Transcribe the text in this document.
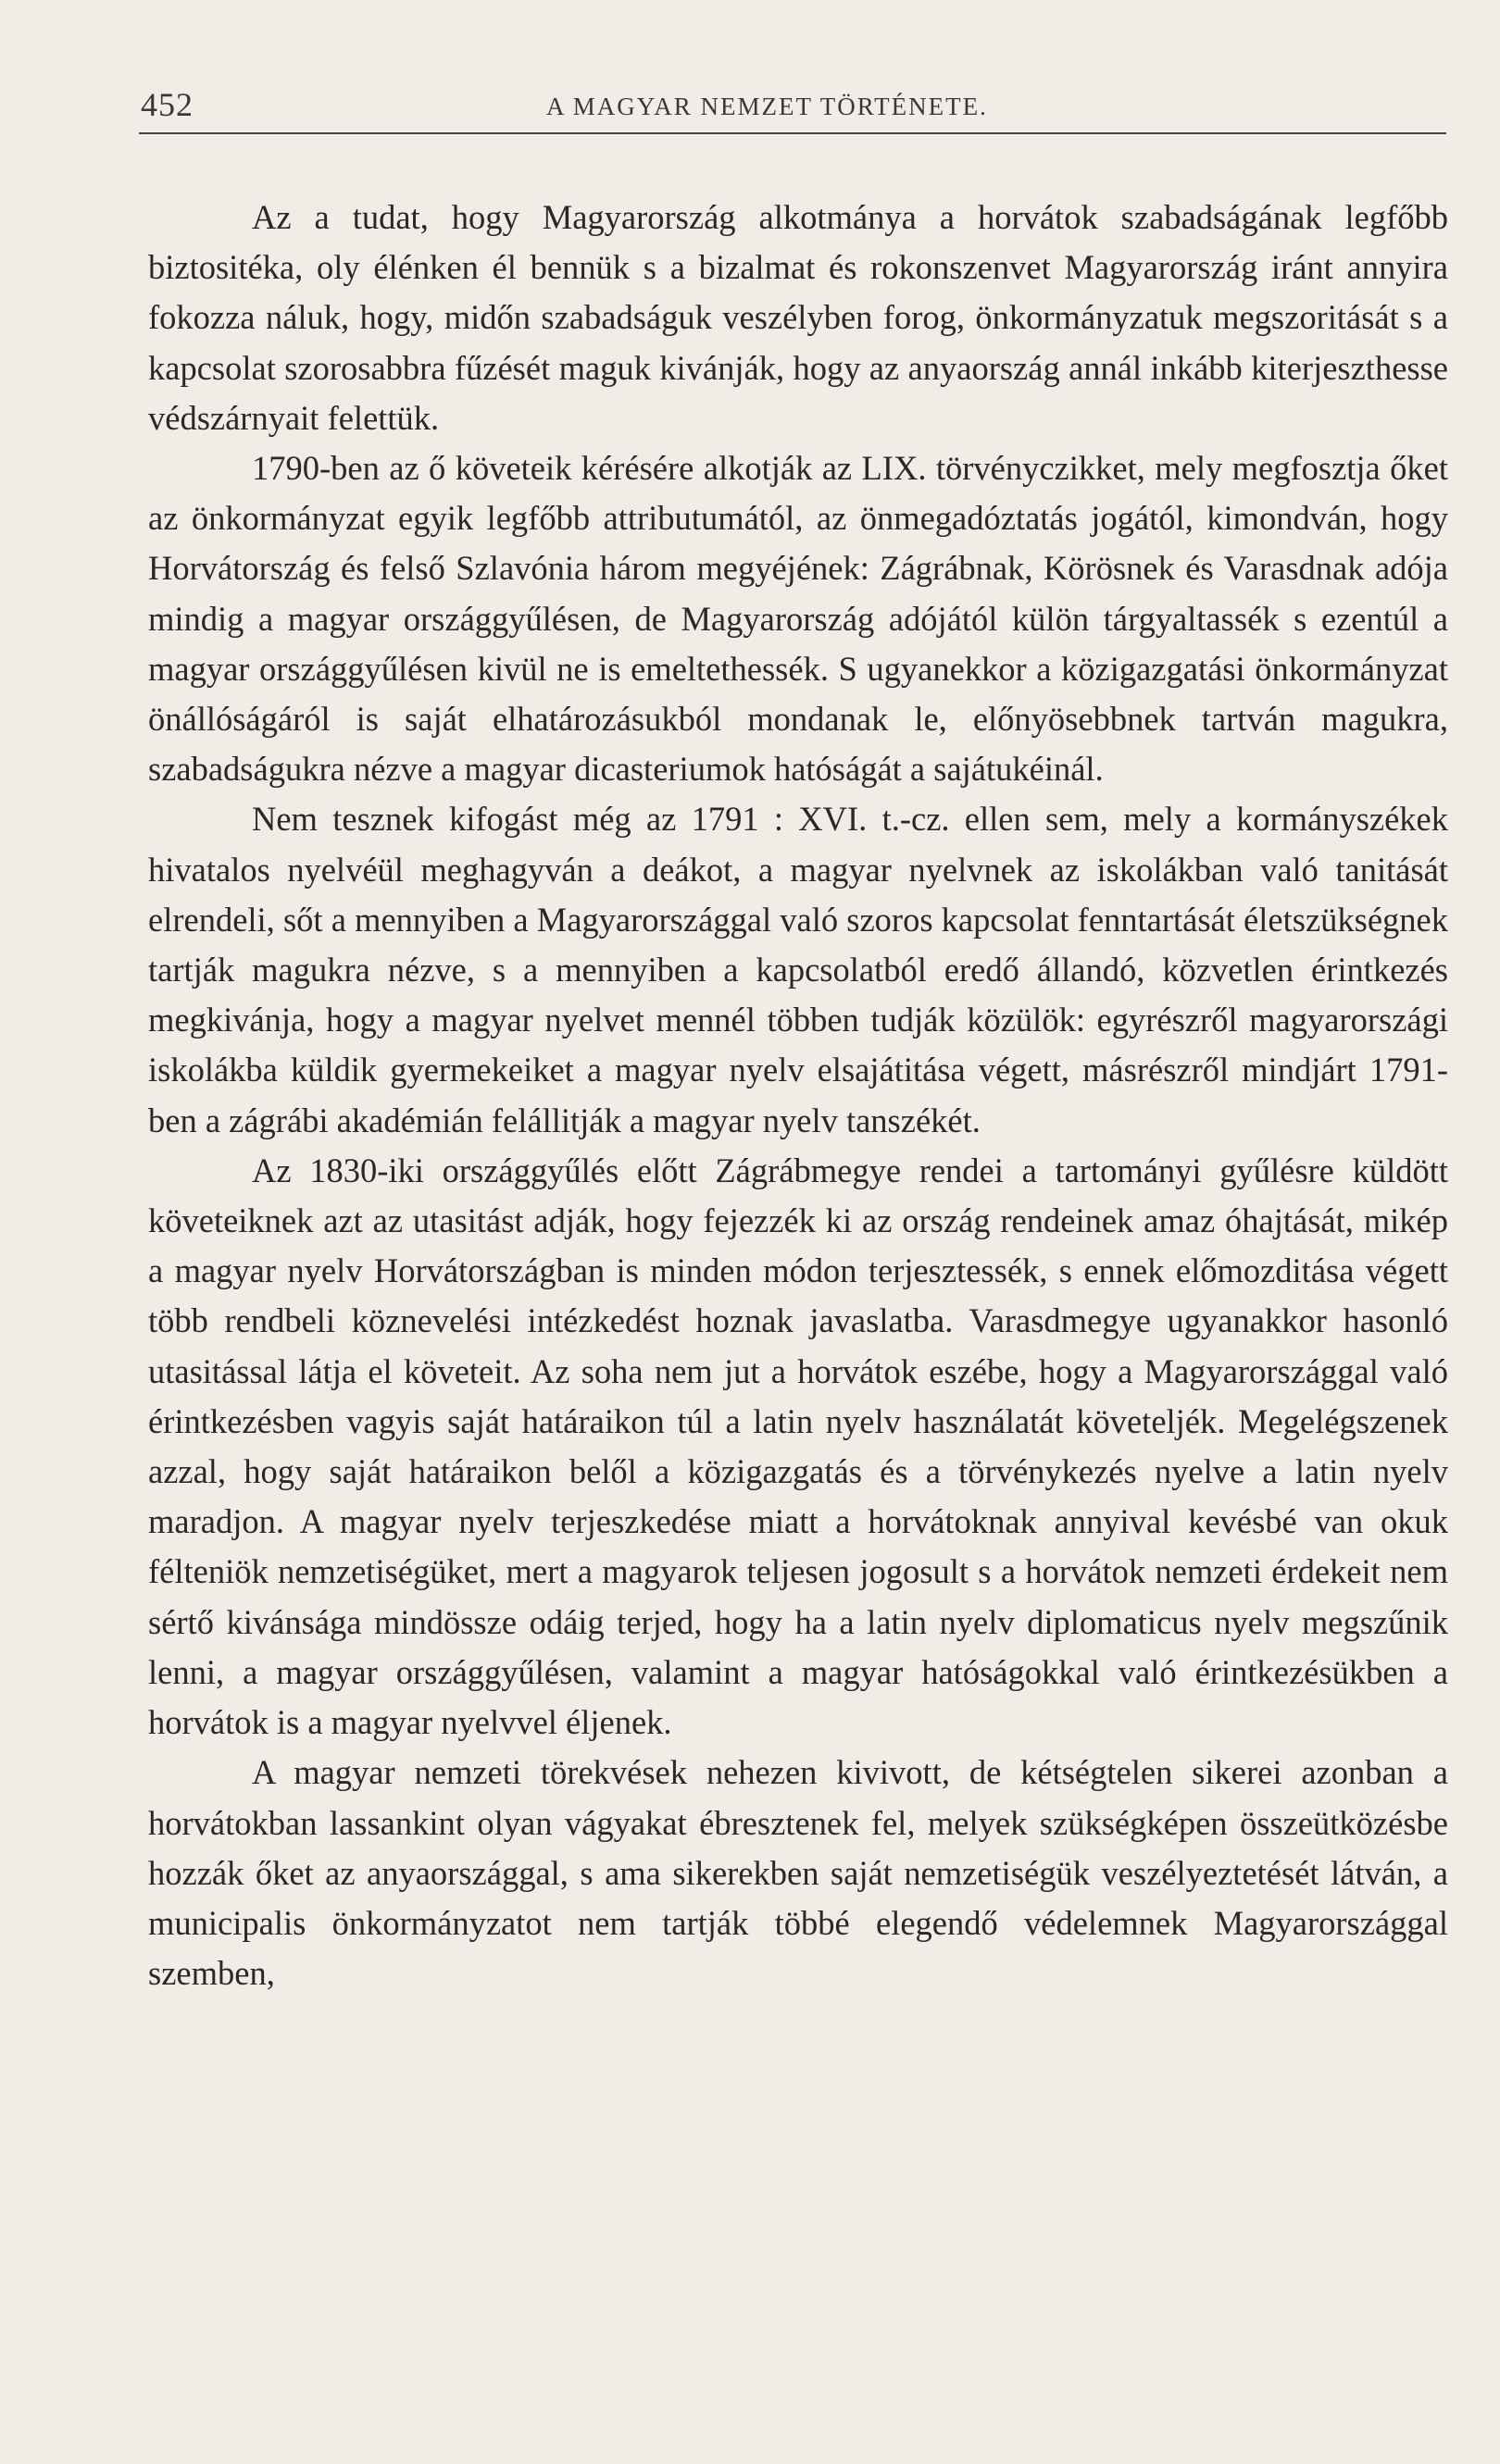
452	A MAGYAR NEMZET TÖRTÉNETE.

Az a tudat, hogy Magyarország alkotmánya a horvátok szabadságának legfőbb biztositéka, oly élénken él bennük s a bizalmat és rokonszenvet Magyarország iránt annyira fokozza náluk, hogy, midőn szabadságuk veszélyben forog, önkormányzatuk megszoritását s a kapcsolat szorosabbra fűzését maguk kivánják, hogy az anyaország annál inkább kiterjeszthesse védszárnyait felettük.

1790-ben az ő követeik kérésére alkotják az LIX. törvényczikket, mely megfosztja őket az önkormányzat egyik legfőbb attributumától, az önmegadóztatás jogától, kimondván, hogy Horvátország és felső Szlavónia három megyéjének: Zágrábnak, Körösnek és Varasdnak adója mindig a magyar országgyűlésen, de Magyarország adójától külön tárgyaltassék s ezentúl a magyar országgyűlésen kivül ne is emeltethessék. S ugyanekkor a közigazgatási önkormányzat önállóságáról is saját elhatározásukból mondanak le, előnyösebbnek tartván magukra, szabadságukra nézve a magyar dicasteriumok hatóságát a sajátukéinál.

Nem tesznek kifogást még az 1791 : XVI. t.-cz. ellen sem, mely a kormányszékek hivatalos nyelvéül meghagyván a deákot, a magyar nyelvnek az iskolákban való tanitását elrendeli, sőt a mennyiben a Magyarországgal való szoros kapcsolat fenntartását életszükségnek tartják magukra nézve, s a mennyiben a kapcsolatból eredő állandó, közvetlen érintkezés megkivánja, hogy a magyar nyelvet mennél többen tudják közülök: egyrészről magyarországi iskolákba küldik gyermekeiket a magyar nyelv elsajátitása végett, másrészről mindjárt 1791-ben a zágrábi akadémián felállitják a magyar nyelv tanszékét.

Az 1830-iki országgyűlés előtt Zágrábmegye rendei a tartományi gyűlésre küldött követeiknek azt az utasitást adják, hogy fejezzék ki az ország rendeinek amaz óhajtását, mikép a magyar nyelv Horvátországban is minden módon terjesztessék, s ennek előmozditása végett több rendbeli köznevelési intézkedést hoznak javaslatba. Varasdmegye ugyanakkor hasonló utasitással látja el követeit. Az soha nem jut a horvátok eszébe, hogy a Magyarországgal való érintkezésben vagyis saját határaikon túl a latin nyelv használatát követeljék. Megelégszenek azzal, hogy saját határaikon belől a közigazgatás és a törvénykezés nyelve a latin nyelv maradjon. A magyar nyelv terjeszkedése miatt a horvátoknak annyival kevésbé van okuk félteniök nemzetiségüket, mert a magyarok teljesen jogosult s a horvátok nemzeti érdekeit nem sértő kivánsága mindössze odáig terjed, hogy ha a latin nyelv diplomaticus nyelv megszűnik lenni, a magyar országgyűlésen, valamint a magyar hatóságokkal való érintkezésükben a horvátok is a magyar nyelvvel éljenek.

A magyar nemzeti törekvések nehezen kivivott, de kétségtelen sikerei azonban a horvátokban lassankint olyan vágyakat ébresztenek fel, melyek szükségképen összeütközésbe hozzák őket az anyaországgal, s ama sikerekben saját nemzetiségük veszélyeztetését látván, a municipalis önkormányzatot nem tartják többé elegendő védelemnek Magyarországgal szemben,
